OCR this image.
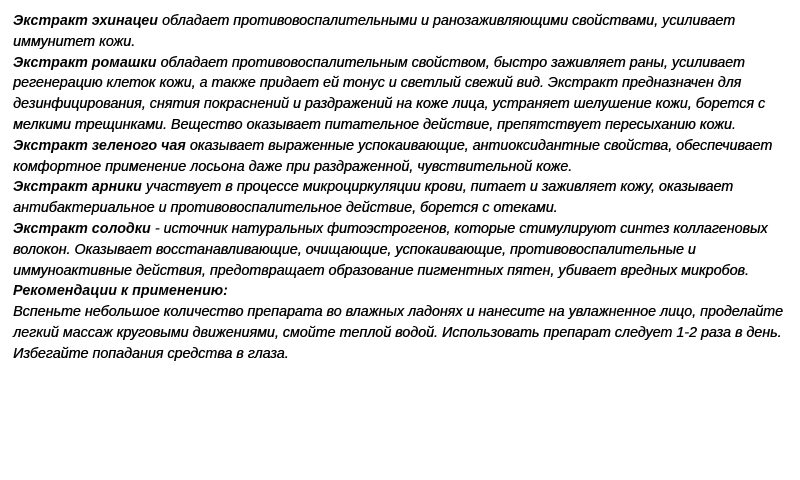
Экстракт эхинацеи обладает противовоспалительными и ранозаживляющими свойствами, усиливает иммунитет кожи.

Экстракт ромашки обладает противовоспалительным свойством, быстро заживляет раны, усиливает регенерацию клеток кожи, а также придает ей тонус и светлый свежий вид. Экстракт предназначен для дезинфицирования, снятия покраснений и раздражений на коже лица, устраняет шелушение кожи, борется с мелкими трещинками. Вещество оказывает питательное действие, препятствует пересыханию кожи.

Экстракт зеленого чая оказывает выраженные успокаивающие, антиоксидантные свойства, обеспечивает комфортное применение лосьона даже при раздраженной, чувствительной коже.

Экстракт арники участвует в процессе микроциркуляции крови, питает и заживляет кожу, оказывает антибактериальное и противовоспалительное действие, борется с отеками.

Экстракт солодки - источник натуральных фитоэстрогенов, которые стимулируют синтез коллагеновых волокон. Оказывает восстанавливающие, очищающие, успокаивающие, противовоспалительные и иммуноактивные действия, предотвращает образование пигментных пятен, убивает вредных микробов.

Рекомендации к применению:

Вспеньте небольшое количество препарата во влажных ладонях и нанесите на увлажненное лицо, проделайте легкий массаж круговыми движениями, смойте теплой водой. Использовать препарат следует 1-2 раза в день. Избегайте попадания средства в глаза.
